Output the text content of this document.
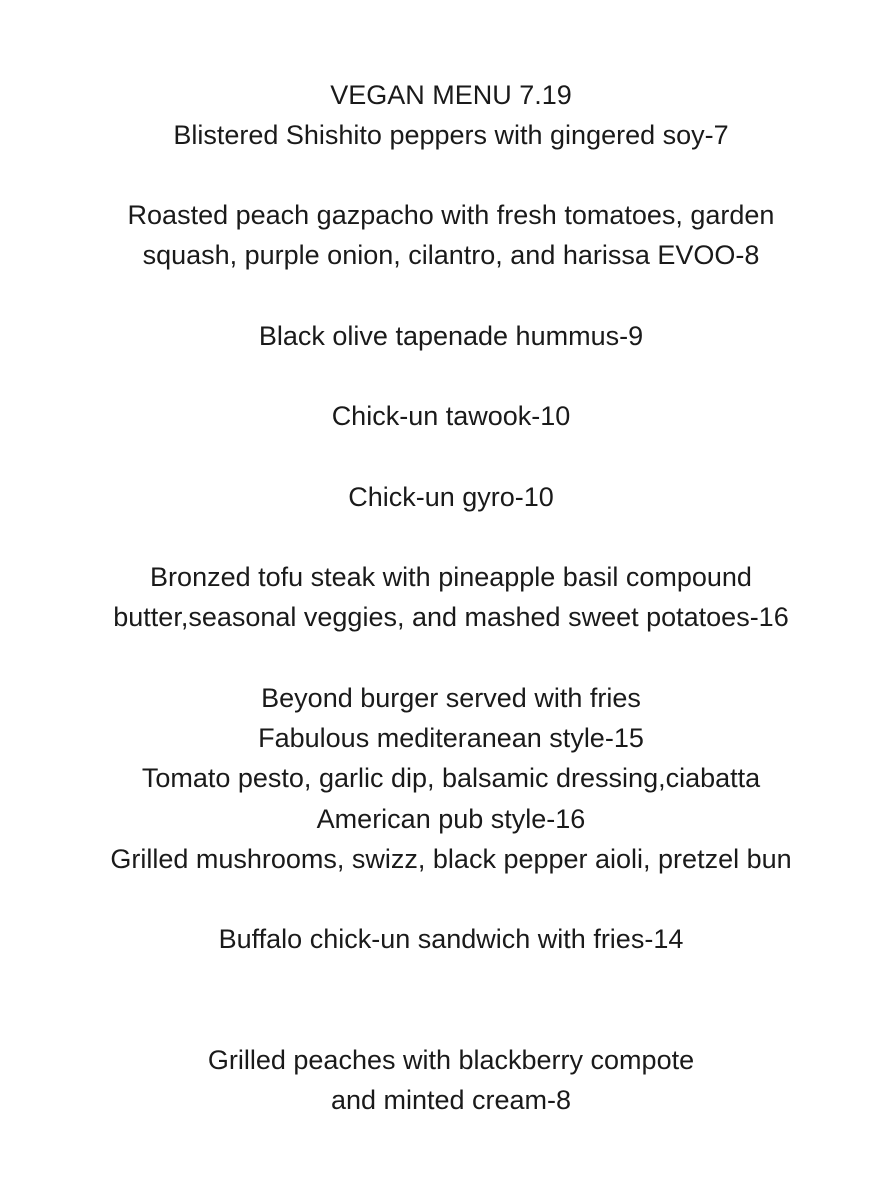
VEGAN MENU 7.19
Blistered Shishito peppers with gingered soy-7
Roasted peach gazpacho with fresh tomatoes, garden
squash, purple onion, cilantro, and harissa EVOO-8
Black olive tapenade hummus-9
Chick-un tawook-10
Chick-un gyro-10
Bronzed tofu steak with pineapple basil compound
butter,seasonal veggies, and mashed sweet potatoes-16
Beyond burger served with fries
Fabulous mediteranean style-15
Tomato pesto, garlic dip, balsamic dressing,ciabatta
American pub style-16
Grilled mushrooms, swizz, black pepper aioli, pretzel bun
Buffalo chick-un sandwich with fries-14
Grilled peaches with blackberry compote
and minted cream-8
